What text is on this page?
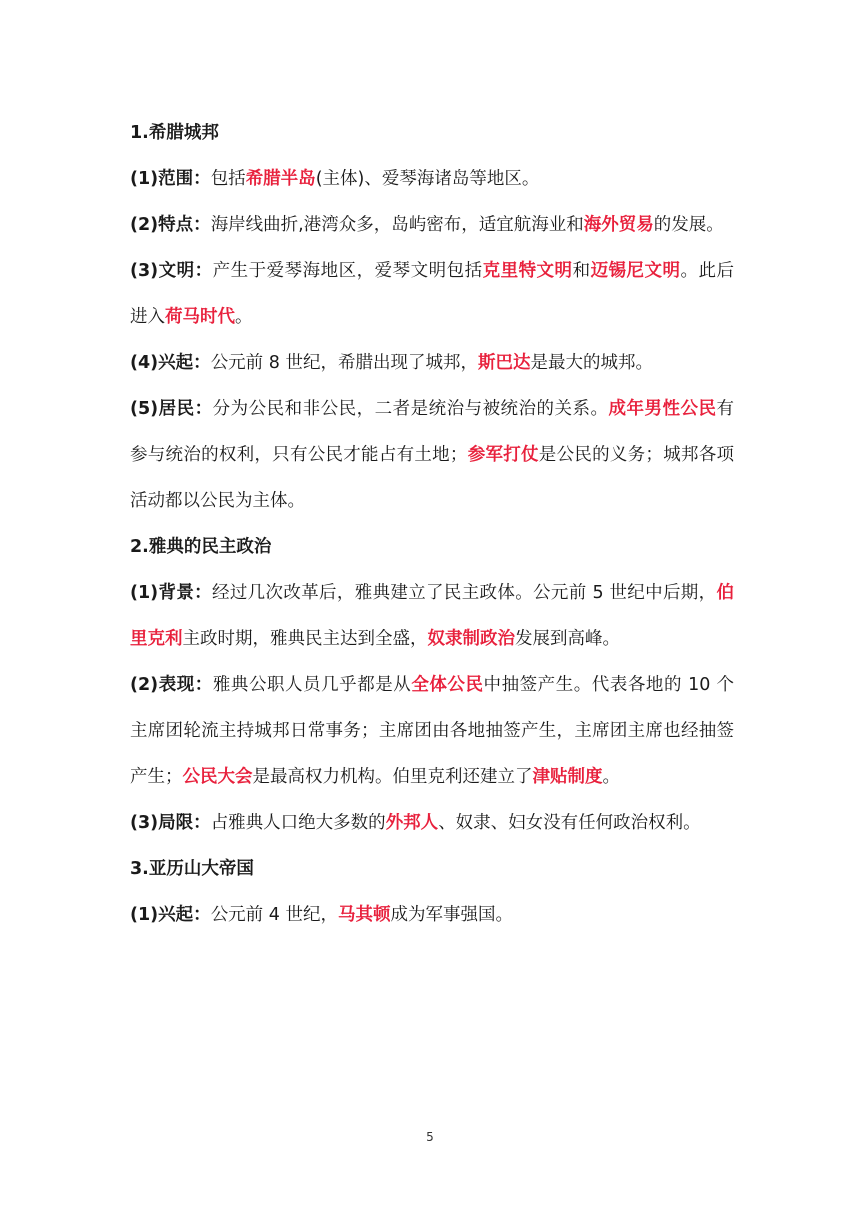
1.希腊城邦

(1)范围：包括希腊半岛(主体)、爱琴海诸岛等地区。

(2)特点：海岸线曲折,港湾众多，岛屿密布，适宜航海业和海外贸易的发展。

(3)文明：产生于爱琴海地区，爱琴文明包括克里特文明和迈锡尼文明。此后进入荷马时代。

(4)兴起：公元前 8 世纪，希腊出现了城邦，斯巴达是最大的城邦。

(5)居民：分为公民和非公民，二者是统治与被统治的关系。成年男性公民有参与统治的权利，只有公民才能占有土地；参军打仗是公民的义务；城邦各项活动都以公民为主体。

2.雅典的民主政治

(1)背景：经过几次改革后，雅典建立了民主政体。公元前 5 世纪中后期，伯里克利主政时期，雅典民主达到全盛，奴隶制政治发展到高峰。

(2)表现：雅典公职人员几乎都是从全体公民中抽签产生。代表各地的 10 个主席团轮流主持城邦日常事务；主席团由各地抽签产生，主席团主席也经抽签产生；公民大会是最高权力机构。伯里克利还建立了津贴制度。

(3)局限：占雅典人口绝大多数的外邦人、奴隶、妇女没有任何政治权利。

3.亚历山大帝国

(1)兴起：公元前 4 世纪，马其顿成为军事强国。

5
